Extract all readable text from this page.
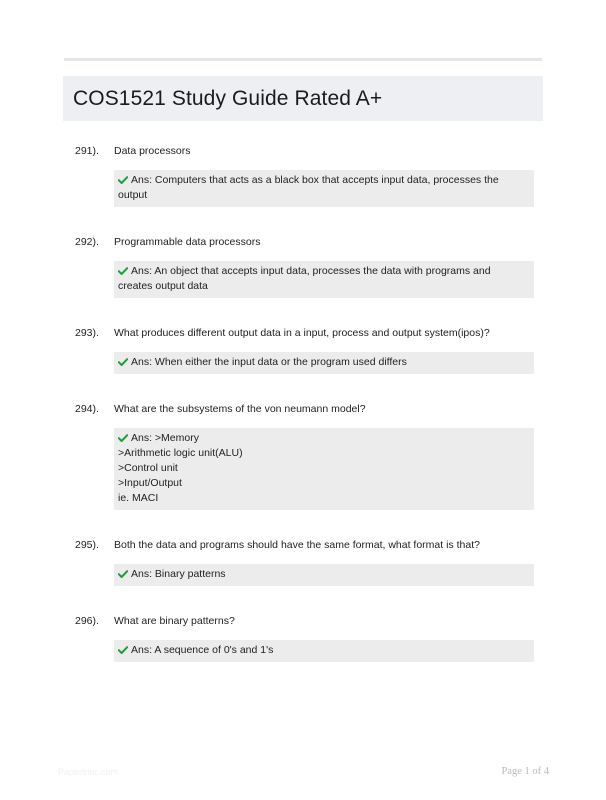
COS1521 Study Guide Rated A+
291).	Data processors
Ans: Computers that acts as a black box that accepts input data, processes the
output
292).	Programmable data processors
Ans: An object that accepts input data, processes the data with programs and
creates output data
293).	What produces different output data in a input, process and output system(ipos)?
Ans: When either the input data or the program used differs
294).	What are the subsystems of the von neumann model?
Ans: >Memory
>Arithmetic logic unit(ALU)
>Control unit
>Input/Output
ie. MACI
295).	Both the data and programs should have the same format, what format is that?
Ans: Binary patterns
296).	What are binary patterns?
Ans: A sequence of 0's and 1's
Papertritic.com	Page 1 of 4
